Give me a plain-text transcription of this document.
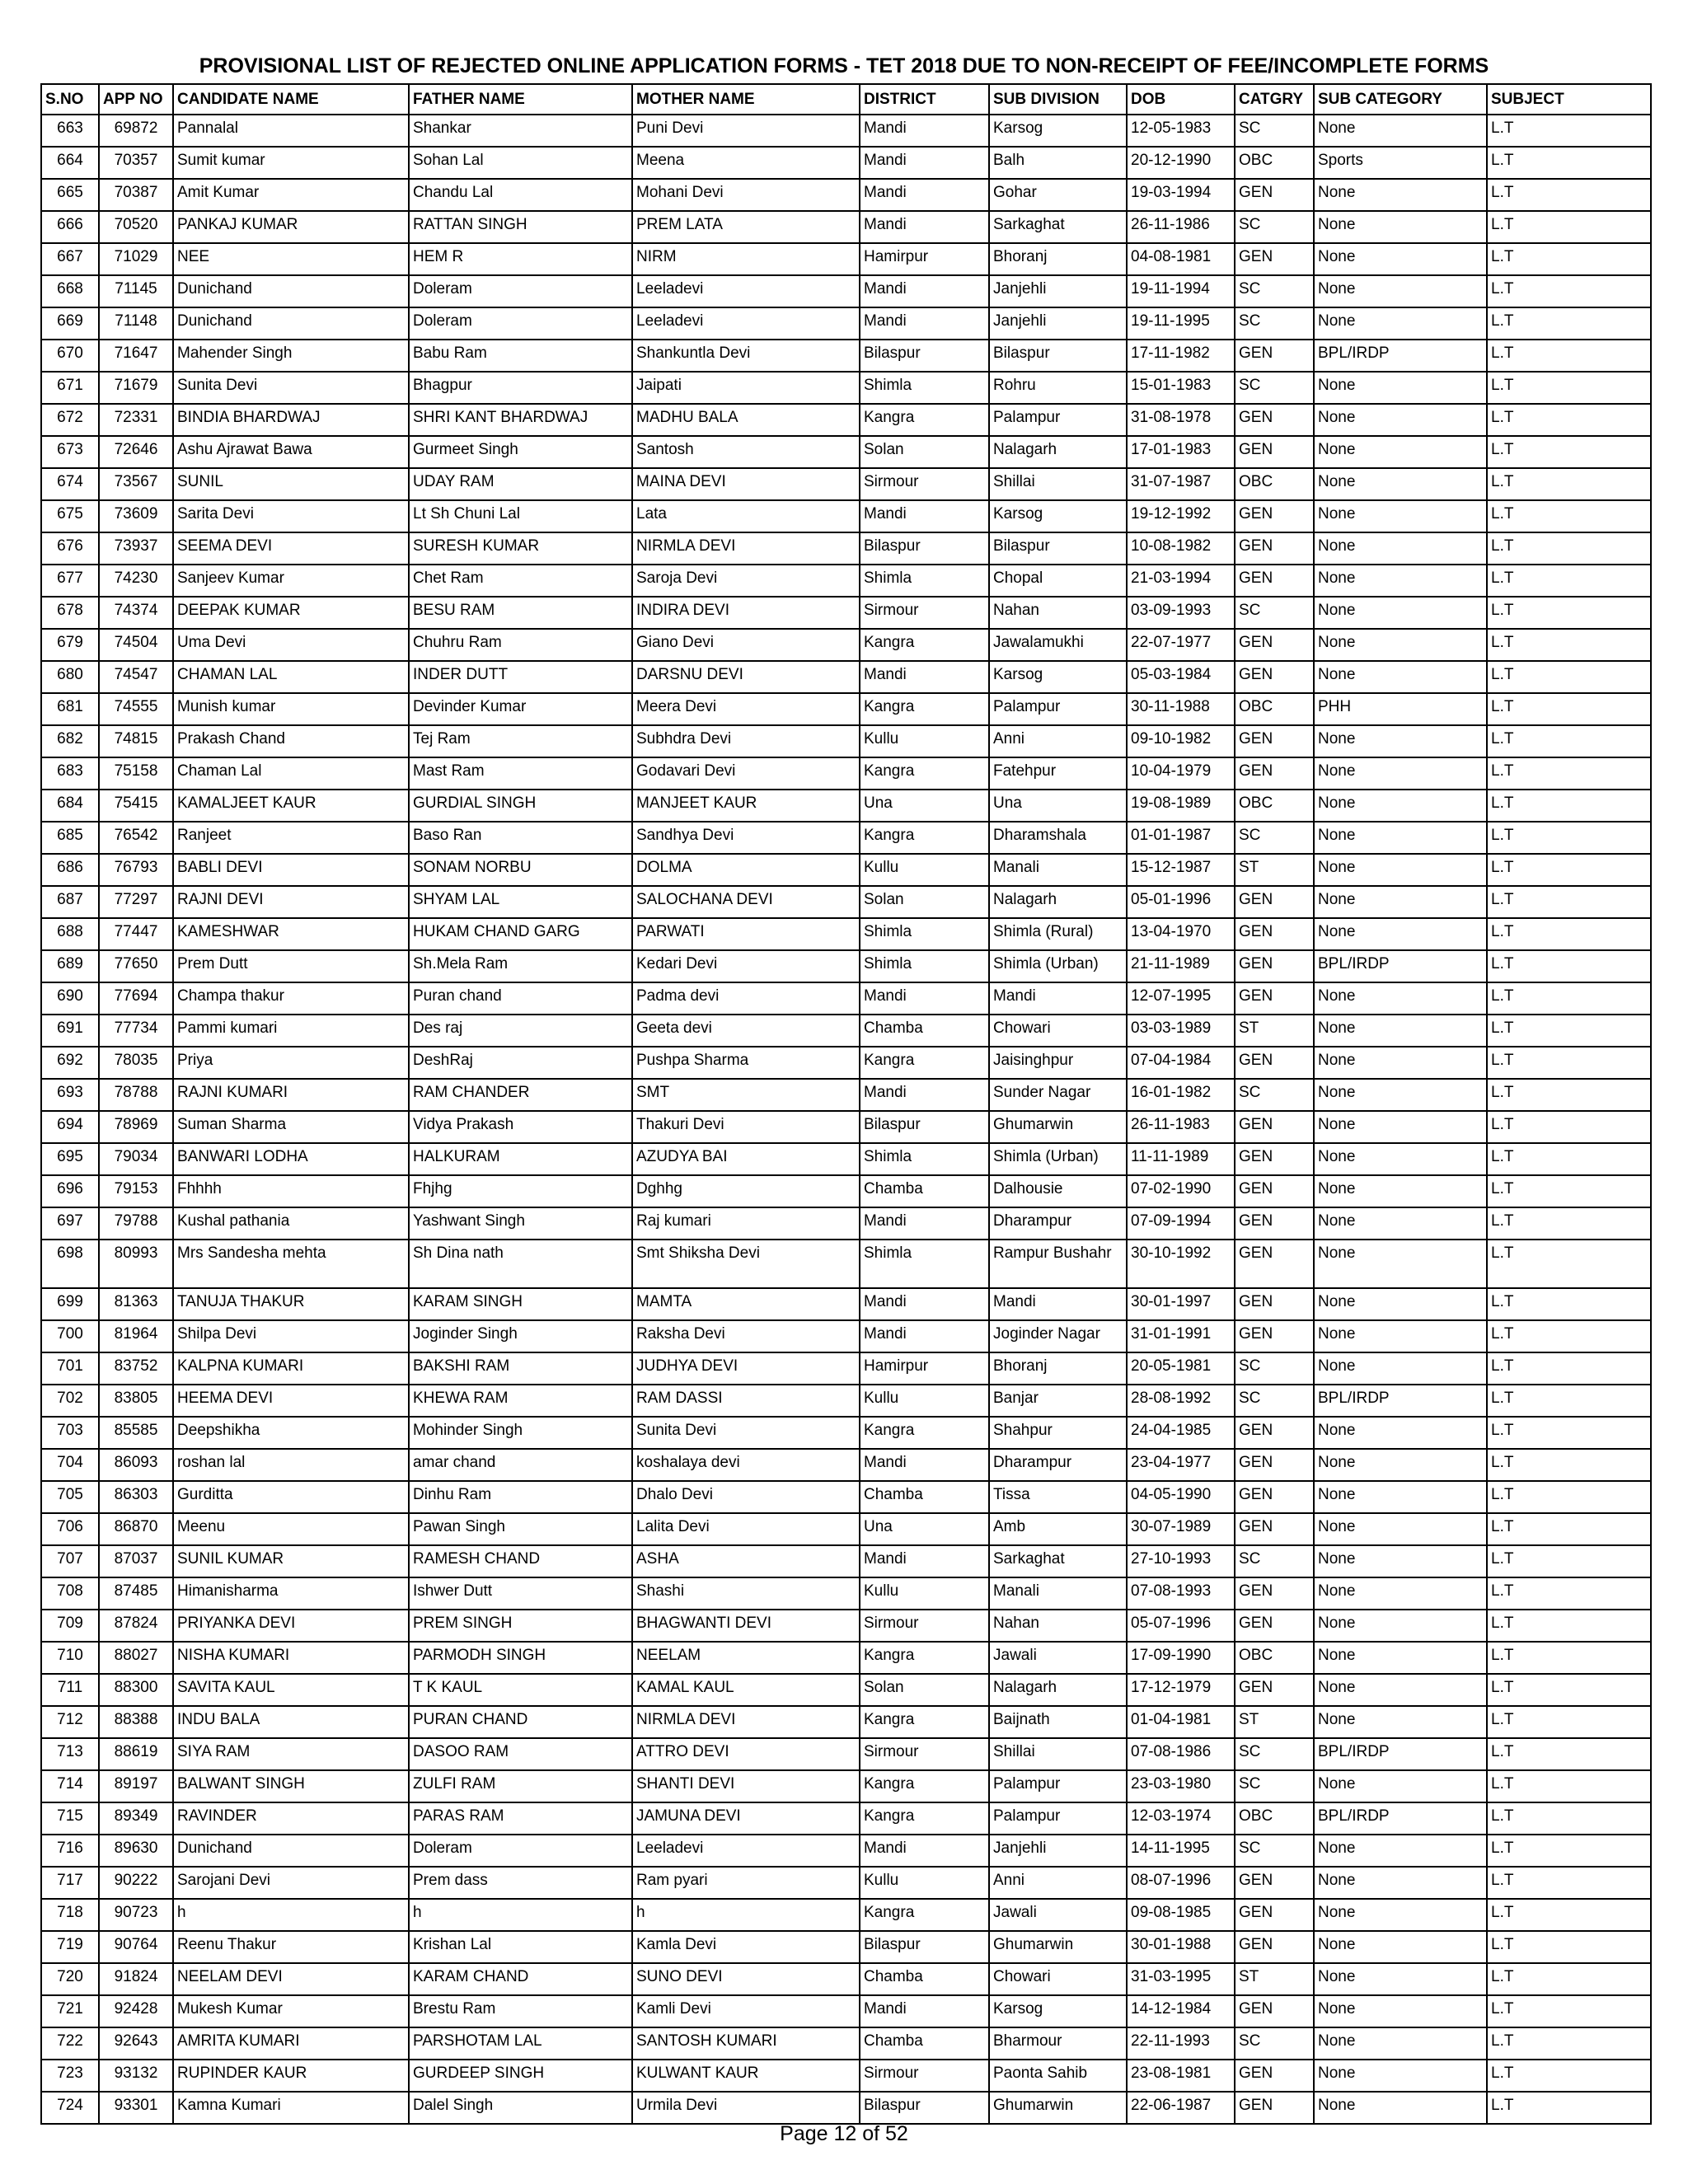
PROVISIONAL LIST OF REJECTED ONLINE APPLICATION FORMS - TET 2018 DUE TO NON-RECEIPT OF FEE/INCOMPLETE FORMS
S.NO	APP NO	CANDIDATE NAME	FATHER NAME	MOTHER NAME	DISTRICT	SUB DIVISION	DOB	CATGRY	SUB CATEGORY	SUBJECT
663	69872	Pannalal	Shankar	Puni Devi	Mandi	Karsog	12-05-1983	SC	None	L.T
664	70357	Sumit kumar	Sohan Lal	Meena	Mandi	Balh	20-12-1990	OBC	Sports	L.T
665	70387	Amit Kumar	Chandu Lal	Mohani Devi	Mandi	Gohar	19-03-1994	GEN	None	L.T
666	70520	PANKAJ KUMAR	RATTAN SINGH	PREM LATA	Mandi	Sarkaghat	26-11-1986	SC	None	L.T
667	71029	NEE	HEM R	NIRM	Hamirpur	Bhoranj	04-08-1981	GEN	None	L.T
668	71145	Dunichand	Doleram	Leeladevi	Mandi	Janjehli	19-11-1994	SC	None	L.T
669	71148	Dunichand	Doleram	Leeladevi	Mandi	Janjehli	19-11-1995	SC	None	L.T
670	71647	Mahender Singh	Babu Ram	Shankuntla Devi	Bilaspur	Bilaspur	17-11-1982	GEN	BPL/IRDP	L.T
671	71679	Sunita Devi	Bhagpur	Jaipati	Shimla	Rohru	15-01-1983	SC	None	L.T
672	72331	BINDIA BHARDWAJ	SHRI KANT BHARDWAJ	MADHU BALA	Kangra	Palampur	31-08-1978	GEN	None	L.T
673	72646	Ashu Ajrawat Bawa	Gurmeet Singh	Santosh	Solan	Nalagarh	17-01-1983	GEN	None	L.T
674	73567	SUNIL	UDAY RAM	MAINA DEVI	Sirmour	Shillai	31-07-1987	OBC	None	L.T
675	73609	Sarita Devi	Lt Sh Chuni Lal	Lata	Mandi	Karsog	19-12-1992	GEN	None	L.T
676	73937	SEEMA DEVI	SURESH KUMAR	NIRMLA DEVI	Bilaspur	Bilaspur	10-08-1982	GEN	None	L.T
677	74230	Sanjeev Kumar	Chet Ram	Saroja Devi	Shimla	Chopal	21-03-1994	GEN	None	L.T
678	74374	DEEPAK KUMAR	BESU RAM	INDIRA DEVI	Sirmour	Nahan	03-09-1993	SC	None	L.T
679	74504	Uma Devi	Chuhru Ram	Giano Devi	Kangra	Jawalamukhi	22-07-1977	GEN	None	L.T
680	74547	CHAMAN LAL	INDER DUTT	DARSNU DEVI	Mandi	Karsog	05-03-1984	GEN	None	L.T
681	74555	Munish kumar	Devinder Kumar	Meera Devi	Kangra	Palampur	30-11-1988	OBC	PHH	L.T
682	74815	Prakash Chand	Tej Ram	Subhdra Devi	Kullu	Anni	09-10-1982	GEN	None	L.T
683	75158	Chaman Lal	Mast Ram	Godavari Devi	Kangra	Fatehpur	10-04-1979	GEN	None	L.T
684	75415	KAMALJEET KAUR	GURDIAL SINGH	MANJEET KAUR	Una	Una	19-08-1989	OBC	None	L.T
685	76542	Ranjeet	Baso Ran	Sandhya Devi	Kangra	Dharamshala	01-01-1987	SC	None	L.T
686	76793	BABLI DEVI	SONAM NORBU	DOLMA	Kullu	Manali	15-12-1987	ST	None	L.T
687	77297	RAJNI DEVI	SHYAM LAL	SALOCHANA DEVI	Solan	Nalagarh	05-01-1996	GEN	None	L.T
688	77447	KAMESHWAR	HUKAM CHAND GARG	PARWATI	Shimla	Shimla (Rural)	13-04-1970	GEN	None	L.T
689	77650	Prem Dutt	Sh.Mela Ram	Kedari Devi	Shimla	Shimla (Urban)	21-11-1989	GEN	BPL/IRDP	L.T
690	77694	Champa thakur	Puran chand	Padma devi	Mandi	Mandi	12-07-1995	GEN	None	L.T
691	77734	Pammi kumari	Des raj	Geeta devi	Chamba	Chowari	03-03-1989	ST	None	L.T
692	78035	Priya	DeshRaj	Pushpa Sharma	Kangra	Jaisinghpur	07-04-1984	GEN	None	L.T
693	78788	RAJNI KUMARI	RAM CHANDER	SMT	Mandi	Sunder Nagar	16-01-1982	SC	None	L.T
694	78969	Suman Sharma	Vidya Prakash	Thakuri Devi	Bilaspur	Ghumarwin	26-11-1983	GEN	None	L.T
695	79034	BANWARI LODHA	HALKURAM	AZUDYA BAI	Shimla	Shimla (Urban)	11-11-1989	GEN	None	L.T
696	79153	Fhhhh	Fhjhg	Dghhg	Chamba	Dalhousie	07-02-1990	GEN	None	L.T
697	79788	Kushal pathania	Yashwant Singh	Raj kumari	Mandi	Dharampur	07-09-1994	GEN	None	L.T
698	80993	Mrs Sandesha mehta	Sh Dina nath	Smt Shiksha Devi	Shimla	Rampur Bushahr	30-10-1992	GEN	None	L.T
699	81363	TANUJA THAKUR	KARAM SINGH	MAMTA	Mandi	Mandi	30-01-1997	GEN	None	L.T
700	81964	Shilpa Devi	Joginder Singh	Raksha Devi	Mandi	Joginder Nagar	31-01-1991	GEN	None	L.T
701	83752	KALPNA KUMARI	BAKSHI RAM	JUDHYA DEVI	Hamirpur	Bhoranj	20-05-1981	SC	None	L.T
702	83805	HEEMA DEVI	KHEWA RAM	RAM DASSI	Kullu	Banjar	28-08-1992	SC	BPL/IRDP	L.T
703	85585	Deepshikha	Mohinder Singh	Sunita Devi	Kangra	Shahpur	24-04-1985	GEN	None	L.T
704	86093	roshan lal	amar chand	koshalaya devi	Mandi	Dharampur	23-04-1977	GEN	None	L.T
705	86303	Gurditta	Dinhu Ram	Dhalo Devi	Chamba	Tissa	04-05-1990	GEN	None	L.T
706	86870	Meenu	Pawan Singh	Lalita Devi	Una	Amb	30-07-1989	GEN	None	L.T
707	87037	SUNIL KUMAR	RAMESH CHAND	ASHA	Mandi	Sarkaghat	27-10-1993	SC	None	L.T
708	87485	Himanisharma	Ishwer Dutt	Shashi	Kullu	Manali	07-08-1993	GEN	None	L.T
709	87824	PRIYANKA DEVI	PREM SINGH	BHAGWANTI DEVI	Sirmour	Nahan	05-07-1996	GEN	None	L.T
710	88027	NISHA KUMARI	PARMODH SINGH	NEELAM	Kangra	Jawali	17-09-1990	OBC	None	L.T
711	88300	SAVITA KAUL	T K KAUL	KAMAL KAUL	Solan	Nalagarh	17-12-1979	GEN	None	L.T
712	88388	INDU BALA	PURAN CHAND	NIRMLA DEVI	Kangra	Baijnath	01-04-1981	ST	None	L.T
713	88619	SIYA RAM	DASOO RAM	ATTRO DEVI	Sirmour	Shillai	07-08-1986	SC	BPL/IRDP	L.T
714	89197	BALWANT SINGH	ZULFI RAM	SHANTI DEVI	Kangra	Palampur	23-03-1980	SC	None	L.T
715	89349	RAVINDER	PARAS RAM	JAMUNA DEVI	Kangra	Palampur	12-03-1974	OBC	BPL/IRDP	L.T
716	89630	Dunichand	Doleram	Leeladevi	Mandi	Janjehli	14-11-1995	SC	None	L.T
717	90222	Sarojani Devi	Prem dass	Ram pyari	Kullu	Anni	08-07-1996	GEN	None	L.T
718	90723	h	h	h	Kangra	Jawali	09-08-1985	GEN	None	L.T
719	90764	Reenu Thakur	Krishan Lal	Kamla Devi	Bilaspur	Ghumarwin	30-01-1988	GEN	None	L.T
720	91824	NEELAM DEVI	KARAM CHAND	SUNO DEVI	Chamba	Chowari	31-03-1995	ST	None	L.T
721	92428	Mukesh Kumar	Brestu Ram	Kamli Devi	Mandi	Karsog	14-12-1984	GEN	None	L.T
722	92643	AMRITA KUMARI	PARSHOTAM LAL	SANTOSH KUMARI	Chamba	Bharmour	22-11-1993	SC	None	L.T
723	93132	RUPINDER KAUR	GURDEEP SINGH	KULWANT KAUR	Sirmour	Paonta Sahib	23-08-1981	GEN	None	L.T
724	93301	Kamna Kumari	Dalel Singh	Urmila Devi	Bilaspur	Ghumarwin	22-06-1987	GEN	None	L.T
Page 12 of 52
